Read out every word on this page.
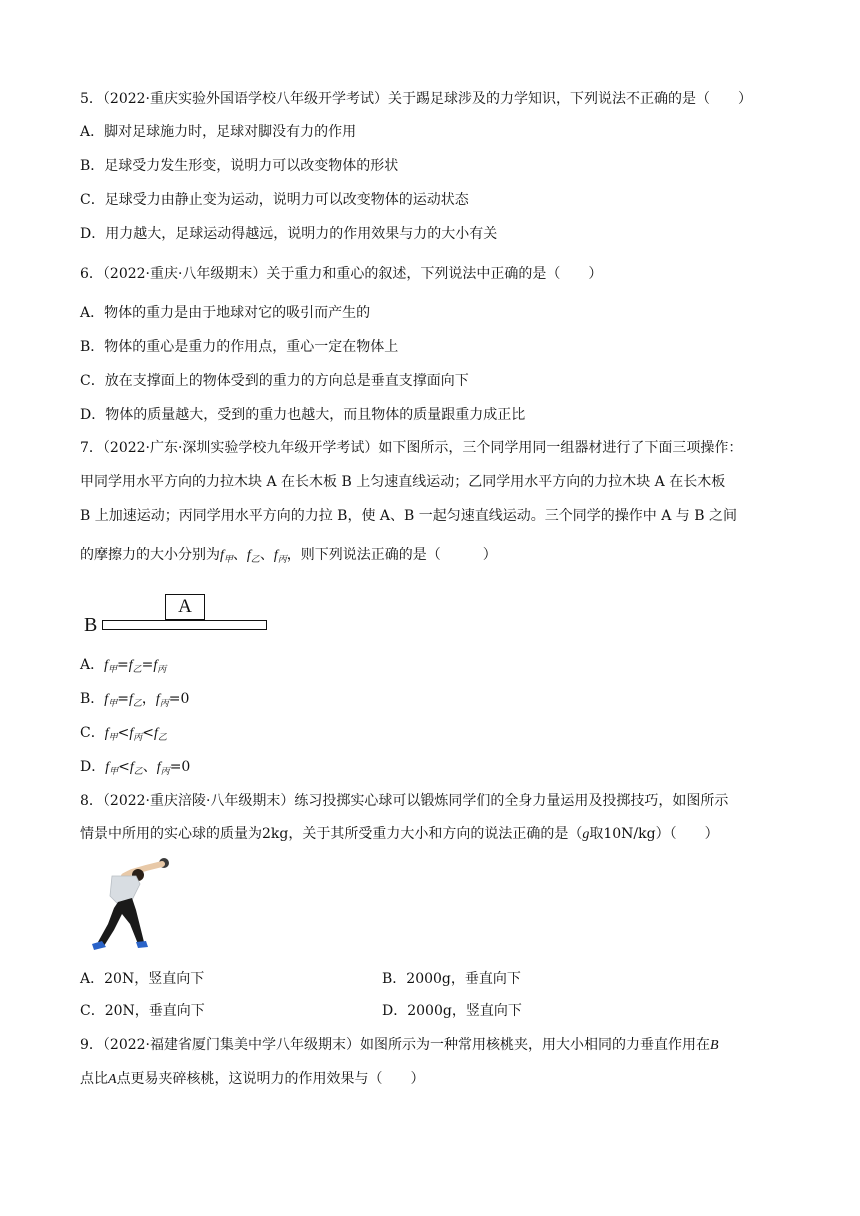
5．（2022·重庆实验外国语学校八年级开学考试）关于踢足球涉及的力学知识，下列说法不正确的是（　　）
A．脚对足球施力时，足球对脚没有力的作用
B．足球受力发生形变，说明力可以改变物体的形状
C．足球受力由静止变为运动，说明力可以改变物体的运动状态
D．用力越大，足球运动得越远，说明力的作用效果与力的大小有关
6．（2022·重庆·八年级期末）关于重力和重心的叙述，下列说法中正确的是（　　）
A．物体的重力是由于地球对它的吸引而产生的
B．物体的重心是重力的作用点，重心一定在物体上
C．放在支撑面上的物体受到的重力的方向总是垂直支撑面向下
D．物体的质量越大，受到的重力也越大，而且物体的质量跟重力成正比
7．（2022·广东·深圳实验学校九年级开学考试）如下图所示，三个同学用同一组器材进行了下面三项操作：
甲同学用水平方向的力拉木块 A 在长木板 B 上匀速直线运动；乙同学用水平方向的力拉木块 A 在长木板
B 上加速运动；丙同学用水平方向的力拉 B，使 A、B 一起匀速直线运动。三个同学的操作中 A 与 B 之间
的摩擦力的大小分别为$f_甲$、$f_乙$、$f_丙$，则下列说法正确的是（　　　）
A
B
A．$f_甲=f_乙=f_丙$
B．$f_甲=f_乙$，$f_丙=0$
C．$f_甲<f_丙<f_乙$
D．$f_甲<f_乙$、$f_丙=0$
8．（2022·重庆涪陵·八年级期末）练习投掷实心球可以锻炼同学们的全身力量运用及投掷技巧，如图所示
情景中所用的实心球的质量为2kg，关于其所受重力大小和方向的说法正确的是（g取10N/kg）（　　）
A．20N，竖直向下	B．2000g，垂直向下
C．20N，垂直向下	D．2000g，竖直向下
9．（2022·福建省厦门集美中学八年级期末）如图所示为一种常用核桃夹，用大小相同的力垂直作用在B
点比A点更易夹碎核桃，这说明力的作用效果与（　　）
